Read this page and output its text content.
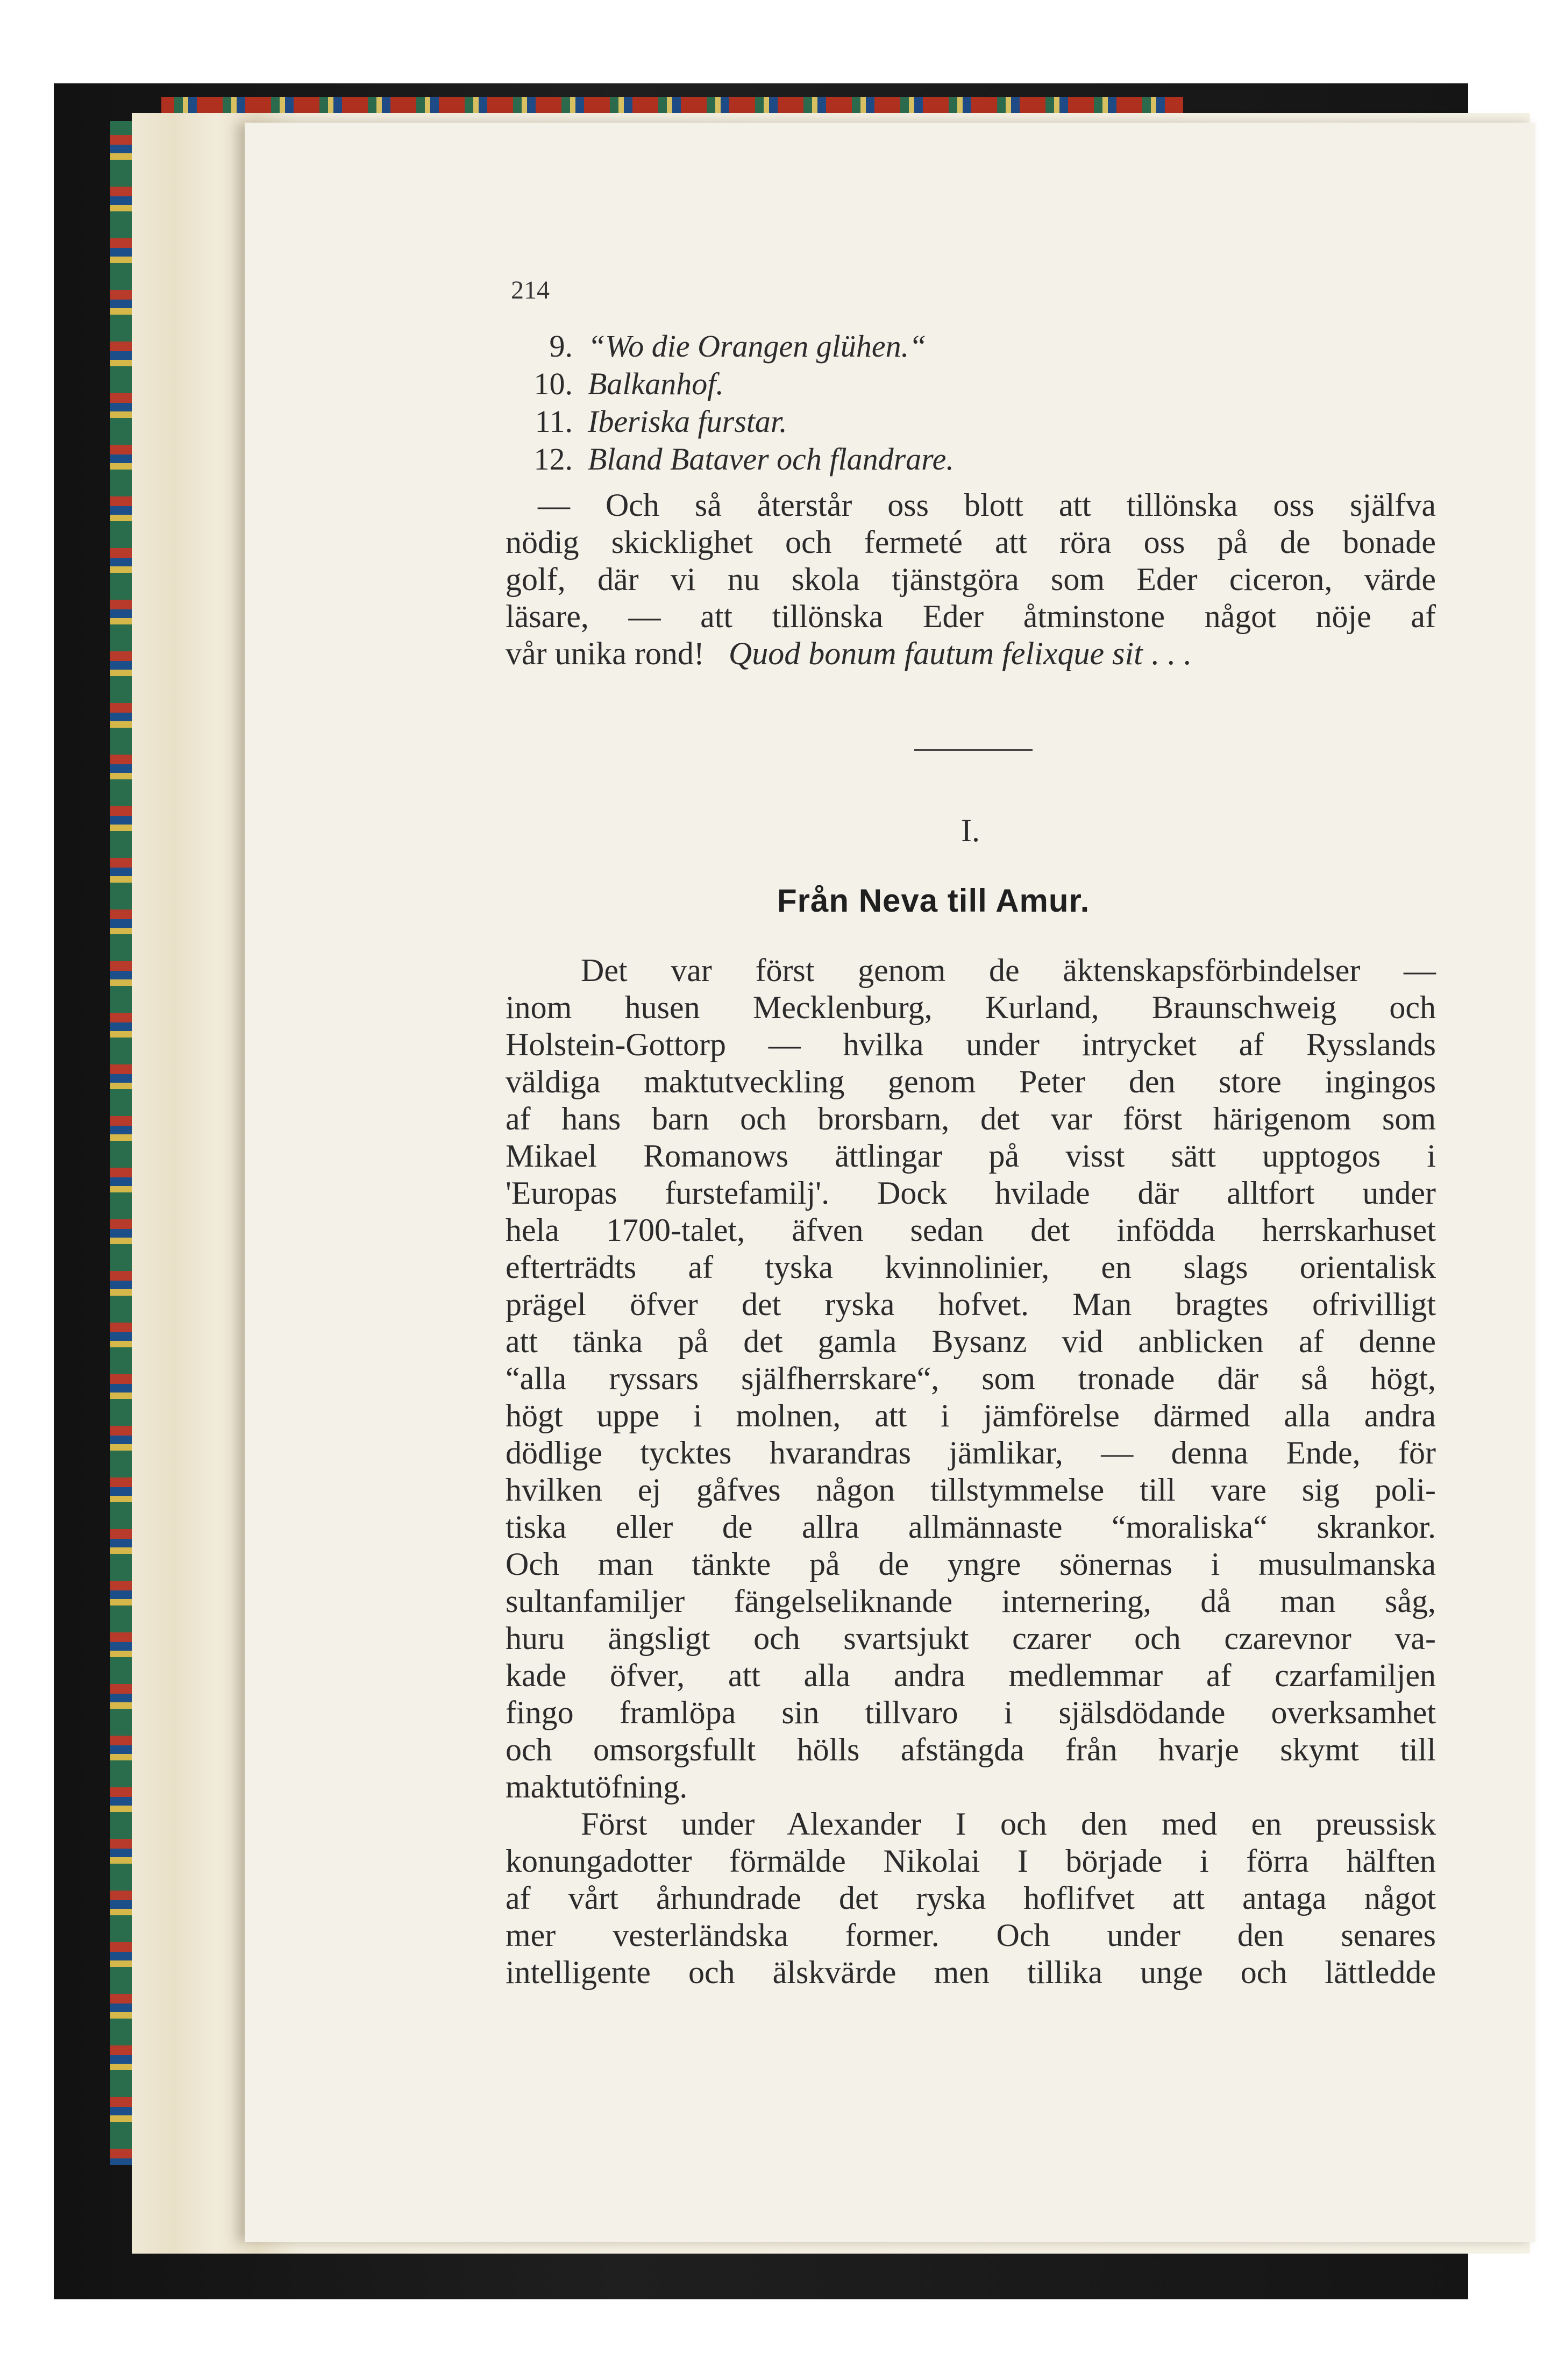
214
9. “Wo die Orangen glühen.“
10. Balkanhof.
11. Iberiska furstar.
12. Bland Bataver och flandrare.
— Och så återstår oss blott att tillönska oss själfva
nödig skicklighet och fermeté att röra oss på de bonade
golf, där vi nu skola tjänstgöra som Eder ciceron, värde
läsare, — att tillönska Eder åtminstone något nöje af
vår unika rond! Quod bonum fautum felixque sit . . .
I.
Från Neva till Amur.
Det var först genom de äktenskapsförbindelser —
inom husen Mecklenburg, Kurland, Braunschweig och
Holstein-Gottorp — hvilka under intrycket af Rysslands
väldiga maktutveckling genom Peter den store ingingos
af hans barn och brorsbarn, det var först härigenom som
Mikael Romanows ättlingar på visst sätt upptogos i
'Europas furstefamilj'. Dock hvilade där alltfort under
hela 1700-talet, äfven sedan det infödda herrskarhuset
efterträdts af tyska kvinnolinier, en slags orientalisk
prägel öfver det ryska hofvet. Man bragtes ofrivilligt
att tänka på det gamla Bysanz vid anblicken af denne
“alla ryssars själfherrskare“, som tronade där så högt,
högt uppe i molnen, att i jämförelse därmed alla andra
dödlige tycktes hvarandras jämlikar, — denna Ende, för
hvilken ej gåfves någon tillstymmelse till vare sig poli-
tiska eller de allra allmännaste “moraliska“ skrankor.
Och man tänkte på de yngre sönernas i musulmanska
sultanfamiljer fängelseliknande internering, då man såg,
huru ängsligt och svartsjukt czarer och czarevnor va-
kade öfver, att alla andra medlemmar af czarfamiljen
fingo framlöpa sin tillvaro i själsdödande overksamhet
och omsorgsfullt hölls afstängda från hvarje skymt till
maktutöfning.
Först under Alexander I och den med en preussisk
konungadotter förmälde Nikolai I började i förra hälften
af vårt århundrade det ryska hoflifvet att antaga något
mer vesterländska former. Och under den senares
intelligente och älskvärde men tillika unge och lättledde
